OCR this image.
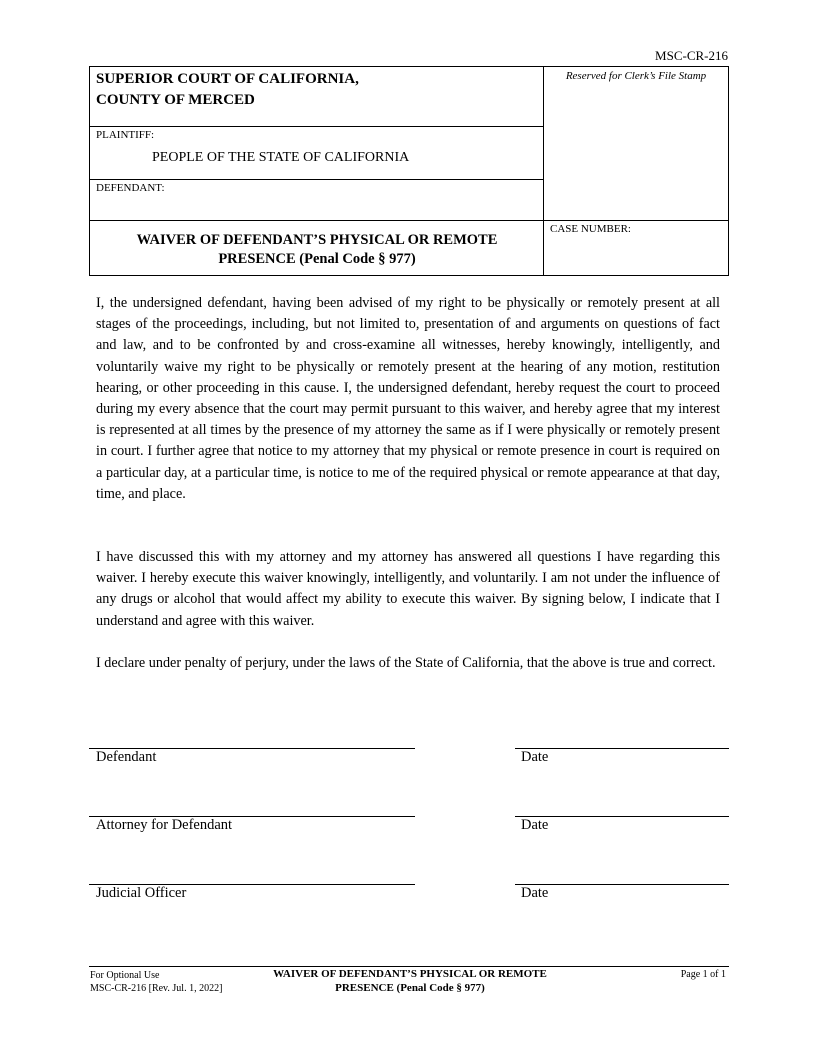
MSC-CR-216
SUPERIOR COURT OF CALIFORNIA,
COUNTY OF MERCED
Reserved for Clerk’s File Stamp
PLAINTIFF:
PEOPLE OF THE STATE OF CALIFORNIA
DEFENDANT:
WAIVER OF DEFENDANT’S PHYSICAL OR REMOTE
PRESENCE (Penal Code § 977)
CASE NUMBER:
I, the undersigned defendant, having been advised of my right to be physically or remotely present at all stages of the proceedings, including, but not limited to, presentation of and arguments on questions of fact and law, and to be confronted by and cross-examine all witnesses, hereby knowingly, intelligently, and voluntarily waive my right to be physically or remotely present at the hearing of any motion, restitution hearing, or other proceeding in this cause. I, the undersigned defendant, hereby request the court to proceed during my every absence that the court may permit pursuant to this waiver, and hereby agree that my interest is represented at all times by the presence of my attorney the same as if I were physically or remotely present in court. I further agree that notice to my attorney that my physical or remote presence in court is required on a particular day, at a particular time, is notice to me of the required physical or remote appearance at that day, time, and place.
I have discussed this with my attorney and my attorney has answered all questions I have regarding this waiver. I hereby execute this waiver knowingly, intelligently, and voluntarily. I am not under the influence of any drugs or alcohol that would affect my ability to execute this waiver. By signing below, I indicate that I understand and agree with this waiver.
I declare under penalty of perjury, under the laws of the State of California, that the above is true and correct.
Defendant	Date
Attorney for Defendant	Date
Judicial Officer	Date
For Optional Use
MSC-CR-216 [Rev. Jul. 1, 2022]
WAIVER OF DEFENDANT’S PHYSICAL OR REMOTE
PRESENCE (Penal Code § 977)
Page 1 of 1
